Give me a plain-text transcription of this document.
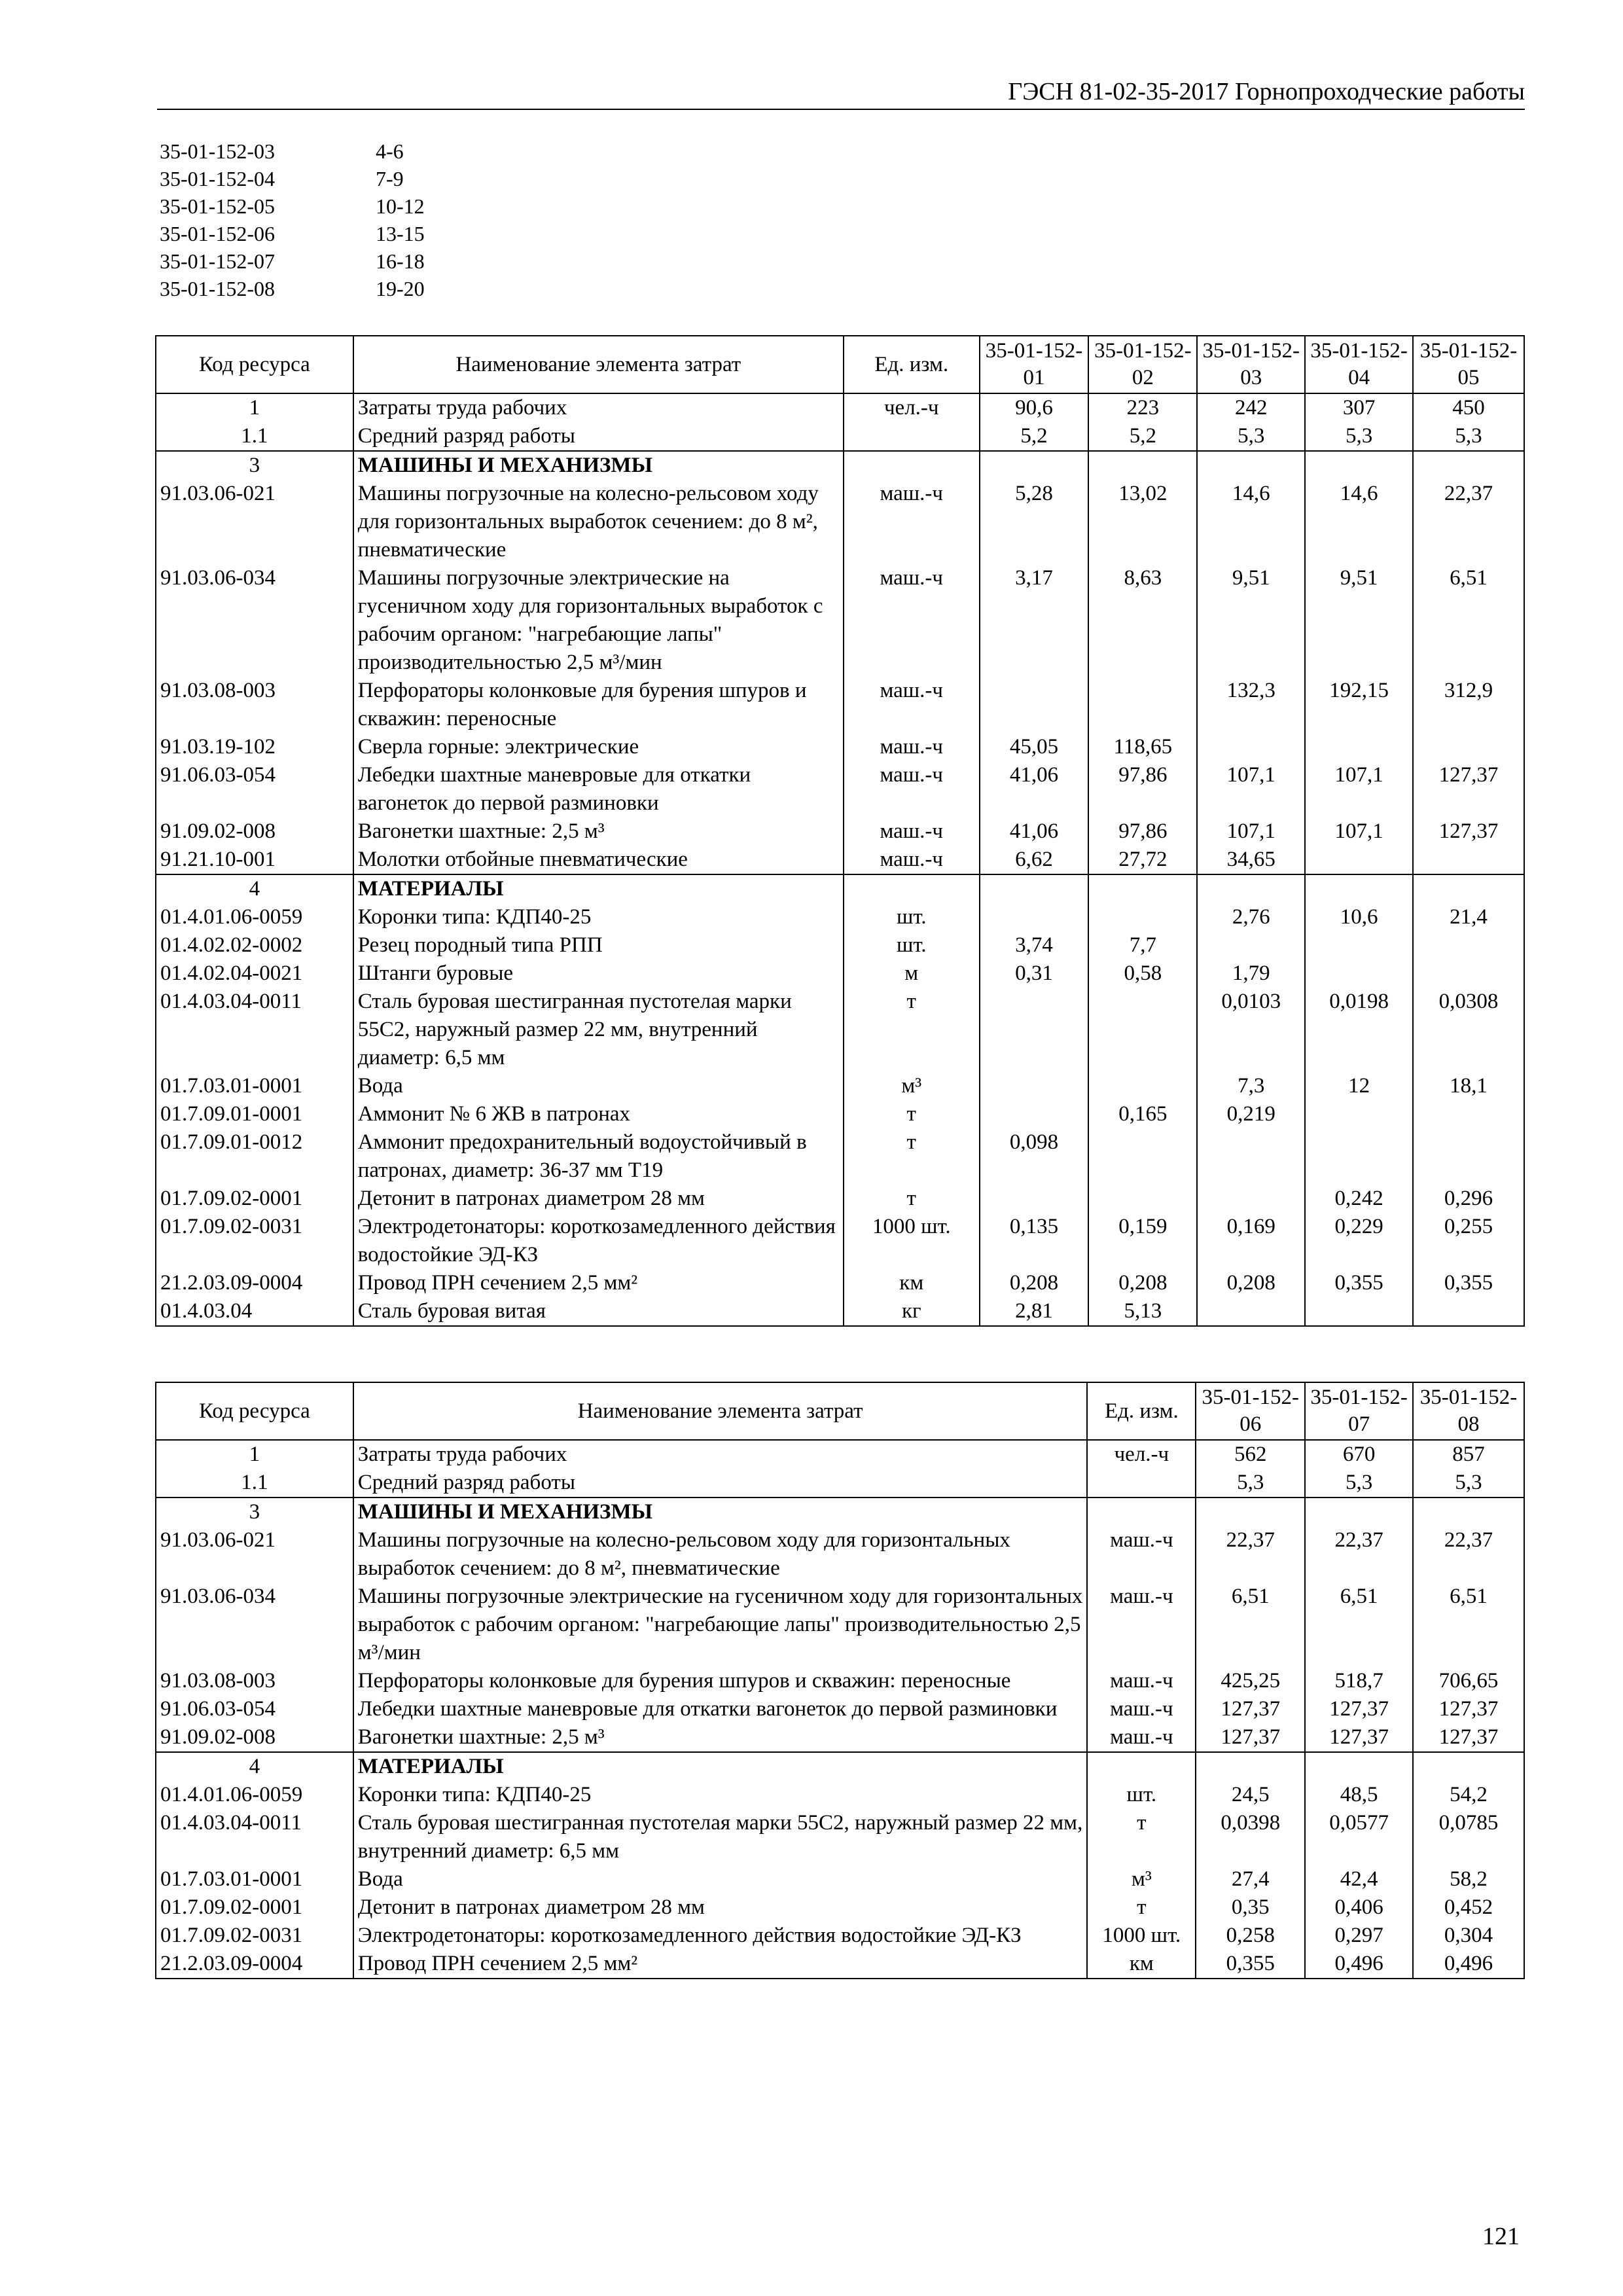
ГЭСН 81-02-35-2017 Горнопроходческие работы
35-01-152-03	4-6
35-01-152-04	7-9
35-01-152-05	10-12
35-01-152-06	13-15
35-01-152-07	16-18
35-01-152-08	19-20
Код ресурса	Наименование элемента затрат	Ед. изм.	35-01-152-01	35-01-152-02	35-01-152-03	35-01-152-04	35-01-152-05
1	Затраты труда рабочих	чел.-ч	90,6	223	242	307	450
1.1	Средний разряд работы		5,2	5,2	5,3	5,3	5,3
3	МАШИНЫ И МЕХАНИЗМЫ						
91.03.06-021	Машины погрузочные на колесно-рельсовом ходу для горизонтальных выработок сечением: до 8 м², пневматические	маш.-ч	5,28	13,02	14,6	14,6	22,37
91.03.06-034	Машины погрузочные электрические на гусеничном ходу для горизонтальных выработок с рабочим органом: "нагребающие лапы" производительностью 2,5 м³/мин	маш.-ч	3,17	8,63	9,51	9,51	6,51
91.03.08-003	Перфораторы колонковые для бурения шпуров и скважин: переносные	маш.-ч			132,3	192,15	312,9
91.03.19-102	Сверла горные: электрические	маш.-ч	45,05	118,65			
91.06.03-054	Лебедки шахтные маневровые для откатки вагонеток до первой разминовки	маш.-ч	41,06	97,86	107,1	107,1	127,37
91.09.02-008	Вагонетки шахтные: 2,5 м³	маш.-ч	41,06	97,86	107,1	107,1	127,37
91.21.10-001	Молотки отбойные пневматические	маш.-ч	6,62	27,72	34,65		
4	МАТЕРИАЛЫ						
01.4.01.06-0059	Коронки типа: КДП40-25	шт.			2,76	10,6	21,4
01.4.02.02-0002	Резец породный типа РПП	шт.	3,74	7,7			
01.4.02.04-0021	Штанги буровые	м	0,31	0,58	1,79		
01.4.03.04-0011	Сталь буровая шестигранная пустотелая марки 55С2, наружный размер 22 мм, внутренний диаметр: 6,5 мм	т			0,0103	0,0198	0,0308
01.7.03.01-0001	Вода	м³			7,3	12	18,1
01.7.09.01-0001	Аммонит № 6 ЖВ в патронах	т		0,165	0,219		
01.7.09.01-0012	Аммонит предохранительный водоустойчивый в патронах, диаметр: 36-37 мм Т19	т	0,098				
01.7.09.02-0001	Детонит в патронах диаметром 28 мм	т				0,242	0,296
01.7.09.02-0031	Электродетонаторы: короткозамедленного действия водостойкие ЭД-КЗ	1000 шт.	0,135	0,159	0,169	0,229	0,255
21.2.03.09-0004	Провод ПРН сечением 2,5 мм²	км	0,208	0,208	0,208	0,355	0,355
01.4.03.04	Сталь буровая витая	кг	2,81	5,13			
Код ресурса	Наименование элемента затрат	Ед. изм.	35-01-152-06	35-01-152-07	35-01-152-08
1	Затраты труда рабочих	чел.-ч	562	670	857
1.1	Средний разряд работы		5,3	5,3	5,3
3	МАШИНЫ И МЕХАНИЗМЫ				
91.03.06-021	Машины погрузочные на колесно-рельсовом ходу для горизонтальных выработок сечением: до 8 м², пневматические	маш.-ч	22,37	22,37	22,37
91.03.06-034	Машины погрузочные электрические на гусеничном ходу для горизонтальных выработок с рабочим органом: "нагребающие лапы" производительностью 2,5 м³/мин	маш.-ч	6,51	6,51	6,51
91.03.08-003	Перфораторы колонковые для бурения шпуров и скважин: переносные	маш.-ч	425,25	518,7	706,65
91.06.03-054	Лебедки шахтные маневровые для откатки вагонеток до первой разминовки	маш.-ч	127,37	127,37	127,37
91.09.02-008	Вагонетки шахтные: 2,5 м³	маш.-ч	127,37	127,37	127,37
4	МАТЕРИАЛЫ				
01.4.01.06-0059	Коронки типа: КДП40-25	шт.	24,5	48,5	54,2
01.4.03.04-0011	Сталь буровая шестигранная пустотелая марки 55С2, наружный размер 22 мм, внутренний диаметр: 6,5 мм	т	0,0398	0,0577	0,0785
01.7.03.01-0001	Вода	м³	27,4	42,4	58,2
01.7.09.02-0001	Детонит в патронах диаметром 28 мм	т	0,35	0,406	0,452
01.7.09.02-0031	Электродетонаторы: короткозамедленного действия водостойкие ЭД-КЗ	1000 шт.	0,258	0,297	0,304
21.2.03.09-0004	Провод ПРН сечением 2,5 мм²	км	0,355	0,496	0,496
121
